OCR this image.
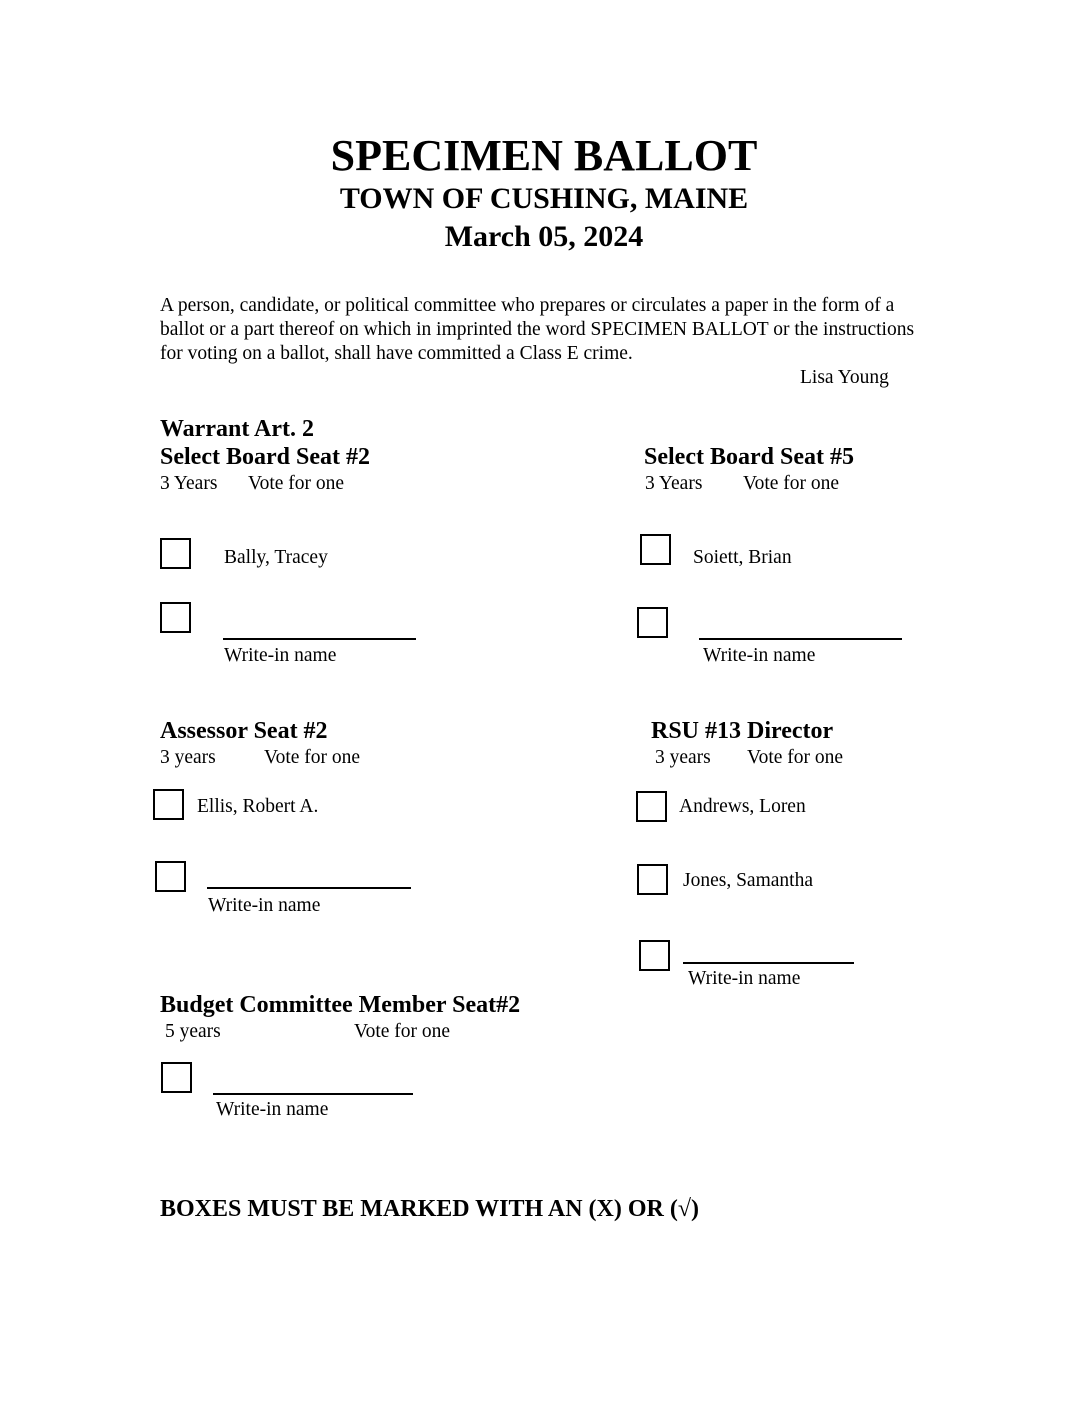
SPECIMEN BALLOT
TOWN OF CUSHING, MAINE
March 05, 2024
A person, candidate, or political committee who prepares or circulates a paper in the form of a ballot or a part thereof on which in imprinted the word SPECIMEN BALLOT or the instructions for voting on a ballot, shall have committed a Class E crime.
Lisa Young
Warrant Art. 2
Select Board Seat #2
3 Years Vote for one
Bally, Tracey
Write-in name
Select Board Seat #5
3 Years Vote for one
Soiett, Brian
Write-in name
Assessor Seat #2
3 years Vote for one
Ellis, Robert A.
Write-in name
RSU #13 Director
3 years Vote for one
Andrews, Loren
Jones, Samantha
Write-in name
Budget Committee Member Seat#2
5 years	Vote for one
Write-in name
BOXES MUST BE MARKED WITH AN (X) OR (√)
